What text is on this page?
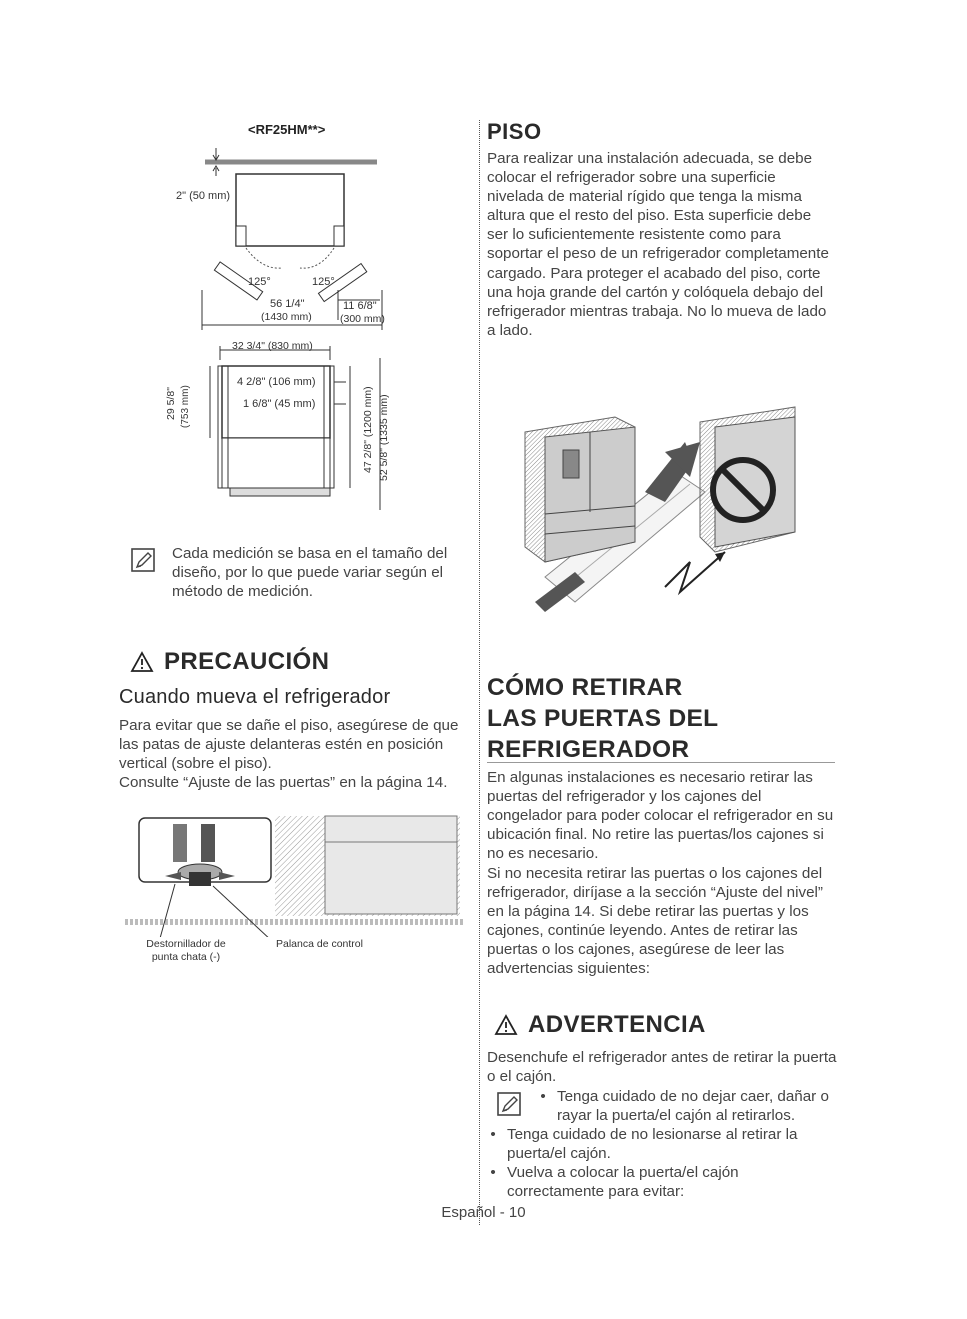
<RF25HM**>
2" (50 mm)
125°	125°
56 1/4"
(1430 mm)
11 6/8"
(300 mm)
32 3/4" (830 mm)
4 2/8" (106 mm)
1 6/8" (45 mm)
29 5/8" (753 mm)	47 2/8" (1200 mm) 52 5/8" (1335 mm)

Cada medición se basa en el tamaño del diseño, por lo que puede variar según el método de medición.

PRECAUCIÓN
Cuando mueva el refrigerador

Para evitar que se dañe el piso, asegúrese de que las patas de ajuste delanteras estén en posición vertical (sobre el piso).

Consulte “Ajuste de las puertas” en la página 14.

Destornillador de
punta chata (-)
Palanca de control
PISO

Para realizar una instalación adecuada, se debe colocar el refrigerador sobre una superficie nivelada de material rígido que tenga la misma altura que el resto del piso. Esta superficie debe ser lo suficientemente resistente como para soportar el peso de un refrigerador completamente cargado. Para proteger el acabado del piso, corte una hoja grande del cartón y colóquela debajo del refrigerador mientras trabaja. No lo mueva de lado a lado.

CÓMO RETIRAR
LAS PUERTAS DEL
REFRIGERADOR

En algunas instalaciones es necesario retirar las puertas del refrigerador y los cajones del congelador para poder colocar el refrigerador en su ubicación final. No retire las puertas/los cajones si no es necesario.

Si no necesita retirar las puertas o los cajones del refrigerador, diríjase a la sección “Ajuste del nivel” en la página 14. Si debe retirar las puertas y los cajones, continúe leyendo. Antes de retirar las puertas o los cajones, asegúrese de leer las advertencias siguientes:

ADVERTENCIA

Desenchufe el refrigerador antes de retirar la puerta o el cajón.

• Tenga cuidado de no dejar caer, dañar o rayar la puerta/el cajón al retirarlos.
• Tenga cuidado de no lesionarse al retirar la puerta/el cajón.
• Vuelva a colocar la puerta/el cajón correctamente para evitar:
Español - 10
